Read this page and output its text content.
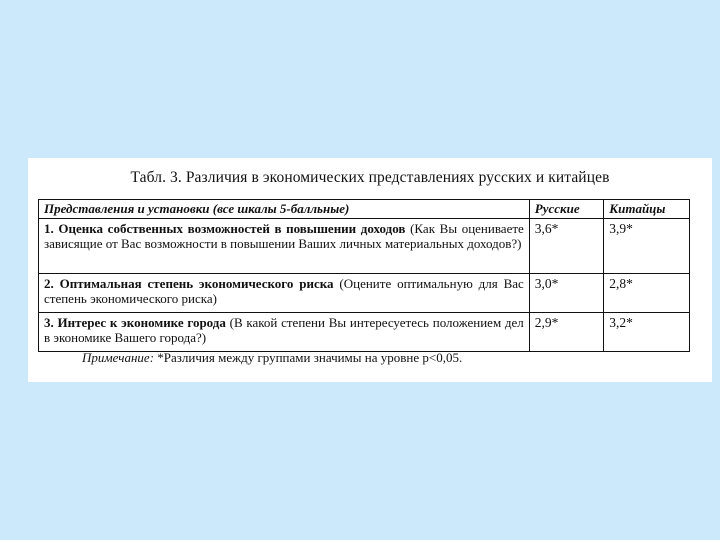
Табл. 3. Различия в экономических представлениях русских и китайцев
Представления и установки (все шкалы 5-балльные)	Русские	Китайцы
1. Оценка собственных возможностей в повышении доходов (Как Вы оцениваете зависящие от Вас возможности в повышении Ваших личных материальных доходов?)	3,6*	3,9*
2. Оптимальная степень экономического риска (Оцените оптимальную для Вас степень экономического риска)	3,0*	2,8*
3. Интерес к экономике города (В какой степени Вы интересуетесь положением дел в экономике Вашего города?)	2,9*	3,2*
Примечание: *Различия между группами значимы на уровне p<0,05.
